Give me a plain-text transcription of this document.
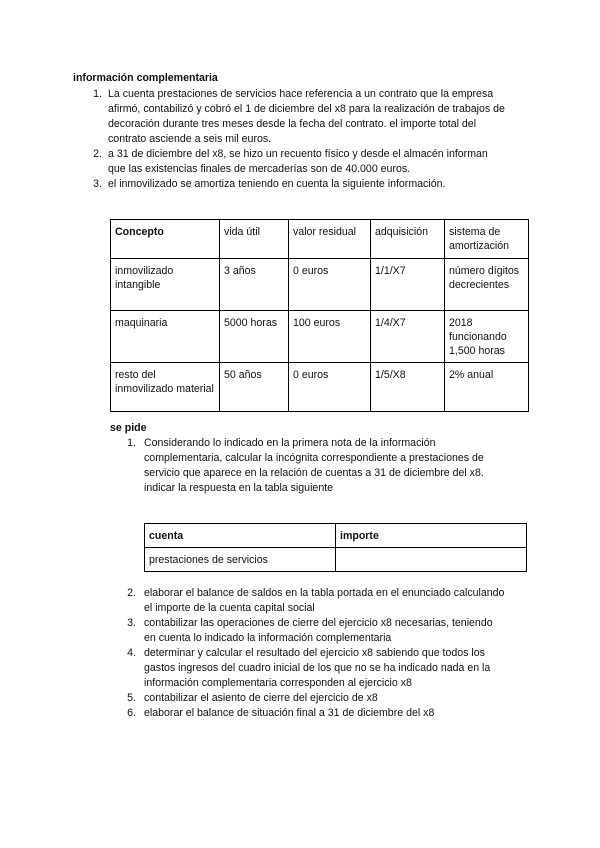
información complementaria
1. La cuenta prestaciones de servicios hace referencia a un contrato que la empresa
afirmó, contabilizó y cobró el 1 de diciembre del x8 para la realización de trabajos de
decoración durante tres meses desde la fecha del contrato. el importe total del
contrato asciende a seis mil euros.
2. a 31 de diciembre del x8, se hizo un recuento físico y desde el almacén informan
que las existencias finales de mercaderías son de 40.000 euros.
3. el inmovilizado se amortiza teniendo en cuenta la siguiente información.
Concepto	vida útil	valor residual	adquisición	sistema de amortización
inmovilizado intangible	3 años	0 euros	1/1/X7	número dígitos decrecientes
maquinaria	5000 horas	100 euros	1/4/X7	2018 funcionando 1,500 horas
resto del inmovilizado material	50 años	0 euros	1/5/X8	2% anual
se pide
1. Considerando lo indicado en la primera nota de la información
complementaria, calcular la incógnita correspondiente a prestaciones de
servicio que aparece en la relación de cuentas a 31 de diciembre del x8.
indicar la respuesta en la tabla siguiente
cuenta	importe
prestaciones de servicios	
2. elaborar el balance de saldos en la tabla portada en el enunciado calculando
el importe de la cuenta capital social
3. contabilizar las operaciones de cierre del ejercicio x8 necesarias, teniendo
en cuenta lo indicado la información complementaria
4. determinar y calcular el resultado del ejercicio x8 sabiendo que todos los
gastos ingresos del cuadro inicial de los que no se ha indicado nada en la
información complementaria corresponden al ejercicio x8
5. contabilizar el asiento de cierre del ejercicio de x8
6. elaborar el balance de situación final a 31 de diciembre del x8
